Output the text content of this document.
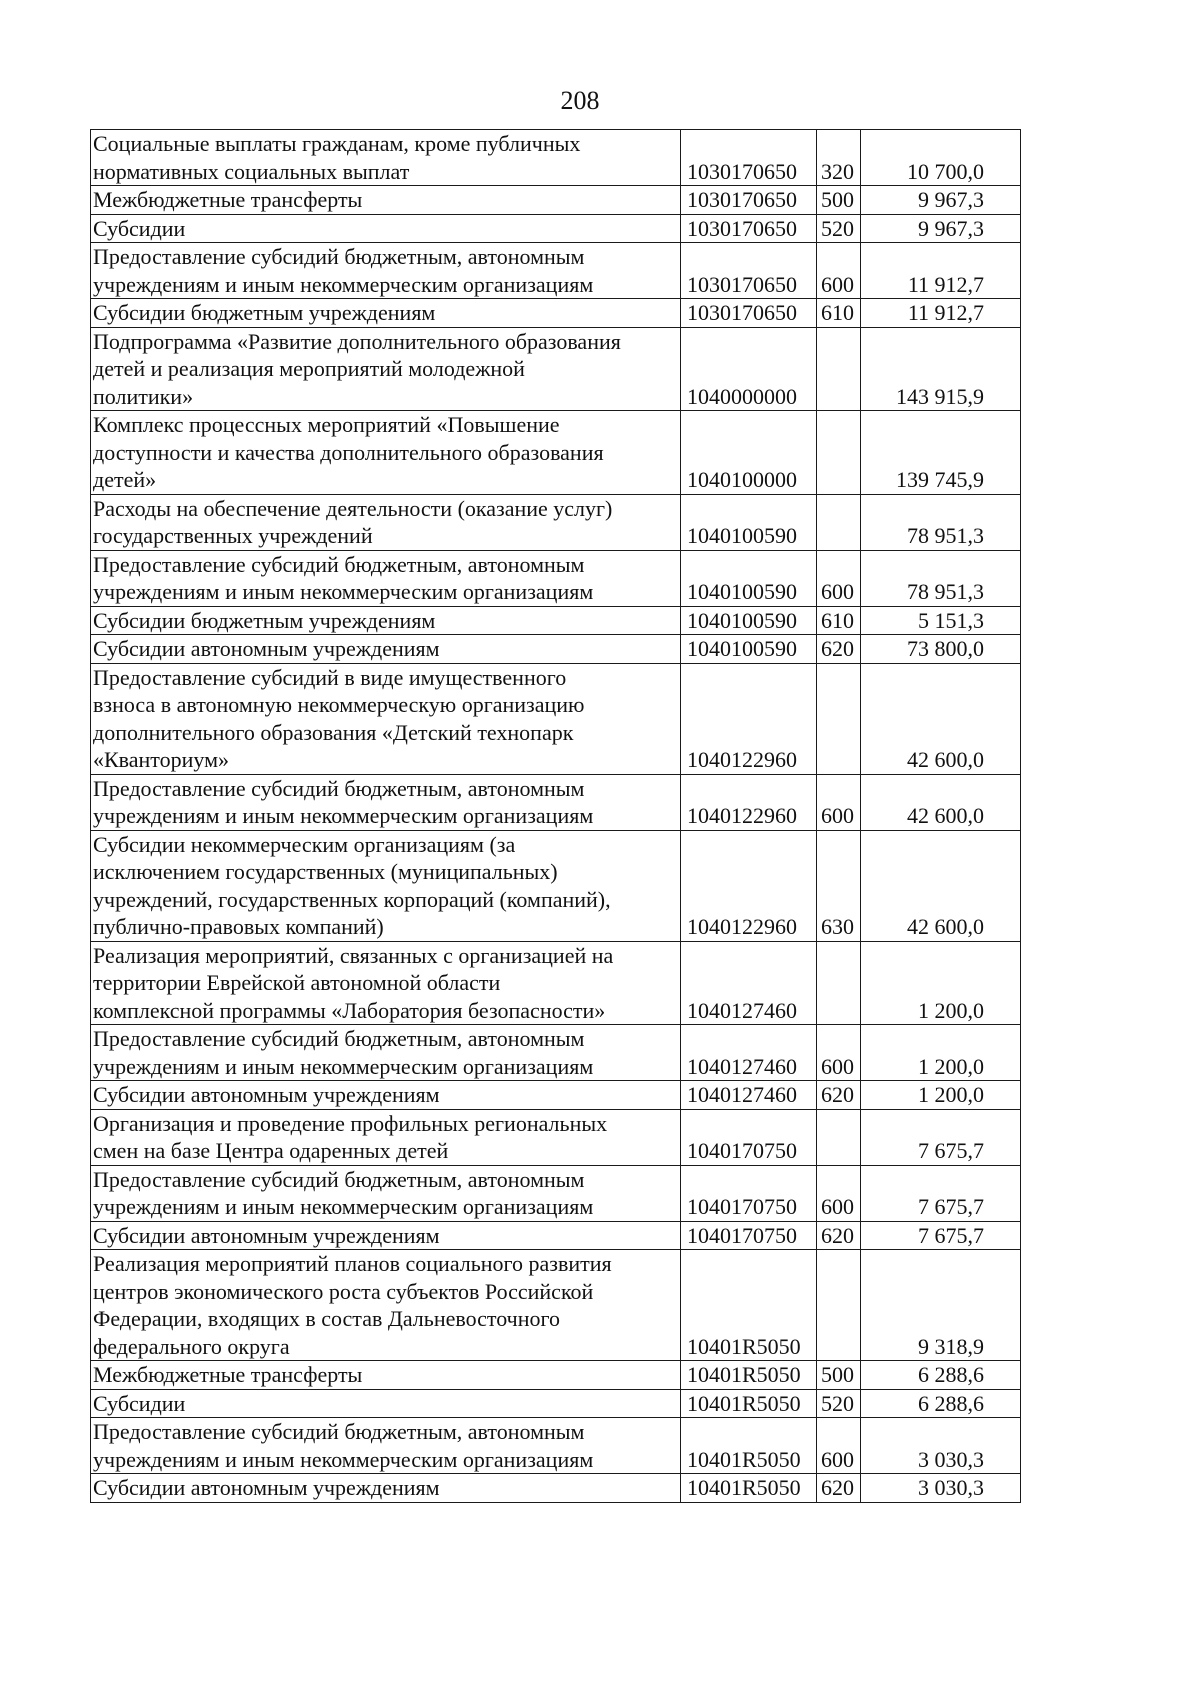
208
Социальные выплаты гражданам, кроме публичных
нормативных социальных выплат	1030170650	320	10 700,0
Межбюджетные трансферты	1030170650	500	9 967,3
Субсидии	1030170650	520	9 967,3
Предоставление субсидий бюджетным, автономным
учреждениям и иным некоммерческим организациям	1030170650	600	11 912,7
Субсидии бюджетным учреждениям	1030170650	610	11 912,7
Подпрограмма «Развитие дополнительного образования
детей и реализация мероприятий молодежной
политики»	1040000000		143 915,9
Комплекс процессных мероприятий «Повышение
доступности и качества дополнительного образования
детей»	1040100000		139 745,9
Расходы на обеспечение деятельности (оказание услуг)
государственных учреждений	1040100590		78 951,3
Предоставление субсидий бюджетным, автономным
учреждениям и иным некоммерческим организациям	1040100590	600	78 951,3
Субсидии бюджетным учреждениям	1040100590	610	5 151,3
Субсидии автономным учреждениям	1040100590	620	73 800,0
Предоставление субсидий в виде имущественного
взноса в автономную некоммерческую организацию
дополнительного образования «Детский технопарк
«Кванториум»	1040122960		42 600,0
Предоставление субсидий бюджетным, автономным
учреждениям и иным некоммерческим организациям	1040122960	600	42 600,0
Субсидии некоммерческим организациям (за
исключением государственных (муниципальных)
учреждений, государственных корпораций (компаний),
публично-правовых компаний)	1040122960	630	42 600,0
Реализация мероприятий, связанных с организацией на
территории Еврейской автономной области
комплексной программы «Лаборатория безопасности»	1040127460		1 200,0
Предоставление субсидий бюджетным, автономным
учреждениям и иным некоммерческим организациям	1040127460	600	1 200,0
Субсидии автономным учреждениям	1040127460	620	1 200,0
Организация и проведение профильных региональных
смен на базе Центра одаренных детей	1040170750		7 675,7
Предоставление субсидий бюджетным, автономным
учреждениям и иным некоммерческим организациям	1040170750	600	7 675,7
Субсидии автономным учреждениям	1040170750	620	7 675,7
Реализация мероприятий планов социального развития
центров экономического роста субъектов Российской
Федерации, входящих в состав Дальневосточного
федерального округа	10401R5050		9 318,9
Межбюджетные трансферты	10401R5050	500	6 288,6
Субсидии	10401R5050	520	6 288,6
Предоставление субсидий бюджетным, автономным
учреждениям и иным некоммерческим организациям	10401R5050	600	3 030,3
Субсидии автономным учреждениям	10401R5050	620	3 030,3
